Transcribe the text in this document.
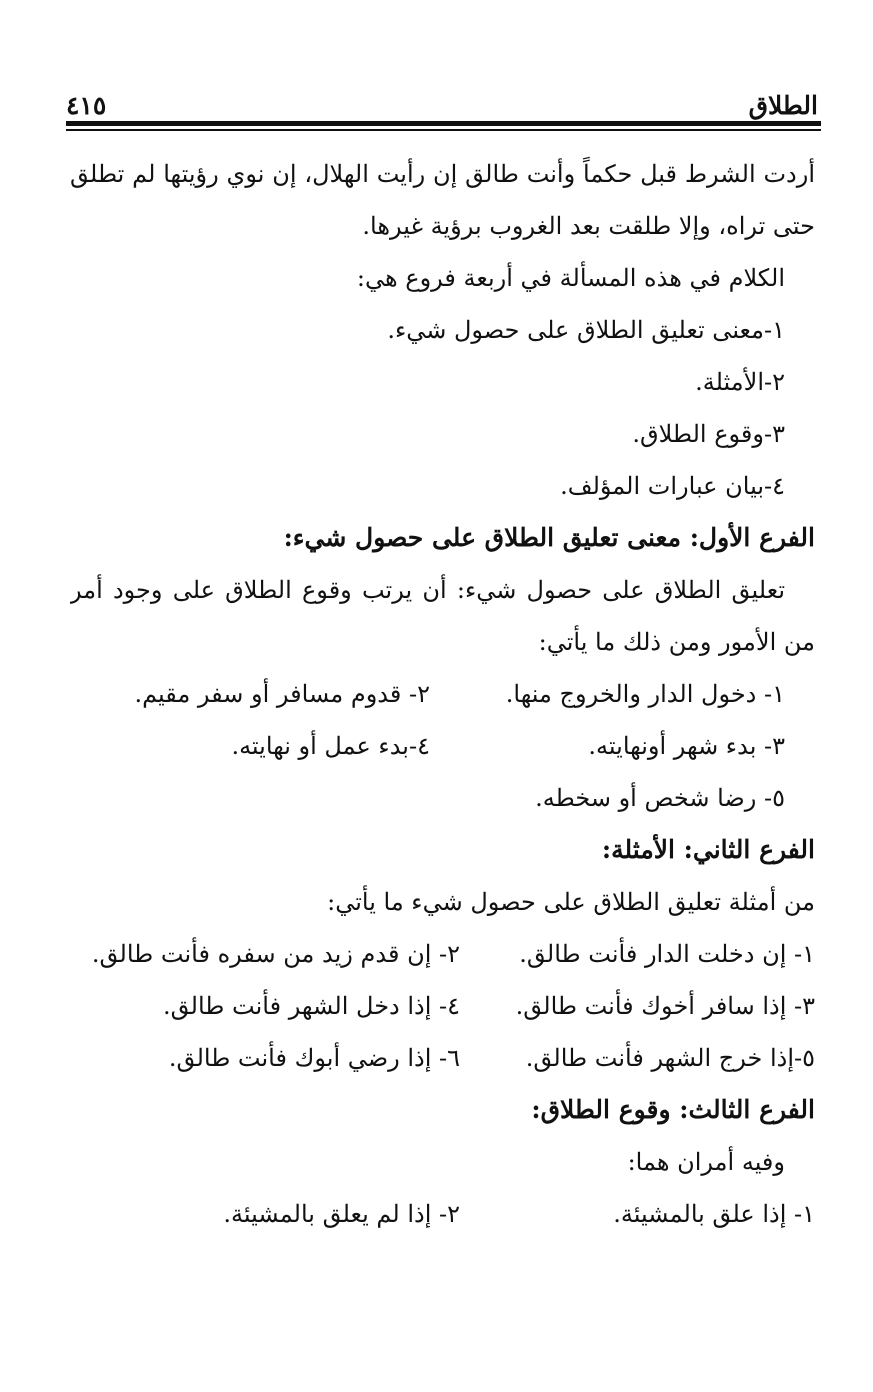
الطلاق
٤١٥
أردت الشرط قبل حكماً وأنت طالق إن رأيت الهلال، إن نوي رؤيتها لم تطلق
حتى تراه، وإلا طلقت بعد الغروب برؤية غيرها.
الكلام في هذه المسألة في أربعة فروع هي:
١-معنى تعليق الطلاق على حصول شيء.
٢-الأمثلة.
٣-وقوع الطلاق.
٤-بيان عبارات المؤلف.
الفرع الأول: معنى تعليق الطلاق على حصول شيء:
تعليق الطلاق على حصول شيء: أن يرتب وقوع الطلاق على وجود أمر
من الأمور ومن ذلك ما يأتي:
١- دخول الدار والخروج منها.
٢- قدوم مسافر أو سفر مقيم.
٣- بدء شهر أونهايته.
٤-بدء عمل أو نهايته.
٥- رضا شخص أو سخطه.
الفرع الثاني: الأمثلة:
من أمثلة تعليق الطلاق على حصول شيء ما يأتي:
١- إن دخلت الدار فأنت طالق.
٢- إن قدم زيد من سفره فأنت طالق.
٣- إذا سافر أخوك فأنت طالق.
٤- إذا دخل الشهر فأنت طالق.
٥-إذا خرج الشهر فأنت طالق.
٦- إذا رضي أبوك فأنت طالق.
الفرع الثالث: وقوع الطلاق:
وفيه أمران هما:
١- إذا علق بالمشيئة.
٢- إذا لم يعلق بالمشيئة.
